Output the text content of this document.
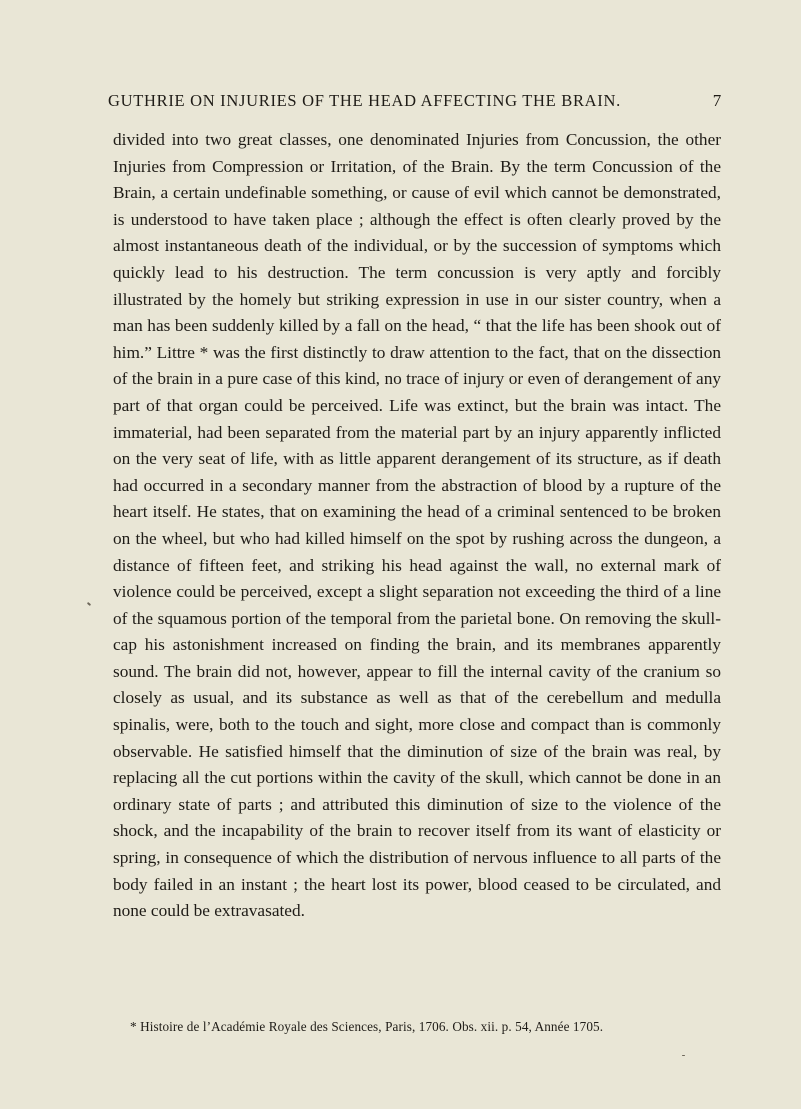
GUTHRIE ON INJURIES OF THE HEAD AFFECTING THE BRAIN.	7

divided into two great classes, one denominated Injuries from Concussion, the other Injuries from Compression or Irritation, of the Brain. By the term Concussion of the Brain, a certain undefinable something, or cause of evil which cannot be demonstrated, is understood to have taken place ; although the effect is often clearly proved by the almost instantaneous death of the individual, or by the succession of symptoms which quickly lead to his destruction. The term concussion is very aptly and forcibly illustrated by the homely but striking expression in use in our sister country, when a man has been suddenly killed by a fall on the head, “ that the life has been shook out of him.” Littre * was the first distinctly to draw attention to the fact, that on the dissection of the brain in a pure case of this kind, no trace of injury or even of derangement of any part of that organ could be perceived. Life was extinct, but the brain was intact. The immaterial, had been separated from the material part by an injury apparently inflicted on the very seat of life, with as little apparent derangement of its structure, as if death had occurred in a secondary manner from the abstraction of blood by a rupture of the heart itself. He states, that on examining the head of a criminal sentenced to be broken on the wheel, but who had killed himself on the spot by rushing across the dungeon, a distance of fifteen feet, and striking his head against the wall, no external mark of violence could be perceived, except a slight separation not exceeding the third of a line of the squamous portion of the temporal from the parietal bone. On removing the skull-cap his astonishment increased on finding the brain, and its membranes apparently sound. The brain did not, however, appear to fill the internal cavity of the cranium so closely as usual, and its substance as well as that of the cerebellum and medulla spinalis, were, both to the touch and sight, more close and compact than is commonly observable. He satisfied himself that the diminution of size of the brain was real, by replacing all the cut portions within the cavity of the skull, which cannot be done in an ordinary state of parts ; and attributed this diminution of size to the violence of the shock, and the incapability of the brain to recover itself from its want of elasticity or spring, in consequence of which the distribution of nervous influence to all parts of the body failed in an instant ; the heart lost its power, blood ceased to be circulated, and none could be extravasated.

* Histoire de l’Académie Royale des Sciences, Paris, 1706. Obs. xii. p. 54, Année 1705.
